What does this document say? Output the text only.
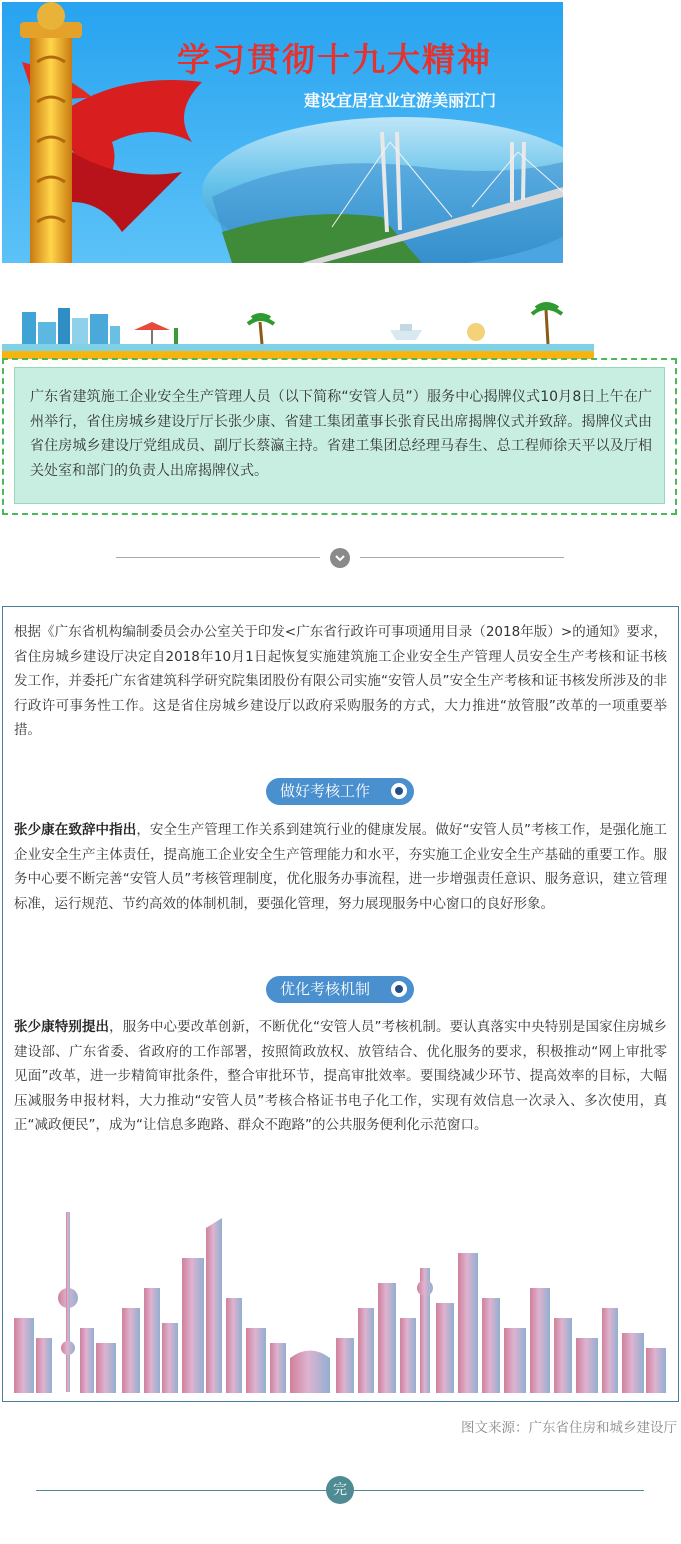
学习贯彻十九大精神
建设宜居宜业宜游美丽江门
广东省建筑施工企业安全生产管理人员（以下简称“安管人员”）服务中心揭牌仪式10月8日上午在广州举行，省住房城乡建设厅厅长张少康、省建工集团董事长张育民出席揭牌仪式并致辞。揭牌仪式由省住房城乡建设厅党组成员、副厅长蔡瀛主持。省建工集团总经理马春生、总工程师徐天平以及厅相关处室和部门的负责人出席揭牌仪式。
根据《广东省机构编制委员会办公室关于印发<广东省行政许可事项通用目录（2018年版）>的通知》要求，省住房城乡建设厅决定自2018年10月1日起恢复实施建筑施工企业安全生产管理人员安全生产考核和证书核发工作，并委托广东省建筑科学研究院集团股份有限公司实施“安管人员”安全生产考核和证书核发所涉及的非行政许可事务性工作。这是省住房城乡建设厅以政府采购服务的方式，大力推进“放管服”改革的一项重要举措。
做好考核工作
张少康在致辞中指出，安全生产管理工作关系到建筑行业的健康发展。做好“安管人员”考核工作，是强化施工企业安全生产主体责任，提高施工企业安全生产管理能力和水平，夯实施工企业安全生产基础的重要工作。服务中心要不断完善“安管人员”考核管理制度，优化服务办事流程，进一步增强责任意识、服务意识，建立管理标准，运行规范、节约高效的体制机制，要强化管理，努力展现服务中心窗口的良好形象。
优化考核机制
张少康特别提出，服务中心要改革创新，不断优化“安管人员”考核机制。要认真落实中央特别是国家住房城乡建设部、广东省委、省政府的工作部署，按照简政放权、放管结合、优化服务的要求，积极推动“网上审批零见面”改革，进一步精简审批条件，整合审批环节，提高审批效率。要围绕减少环节、提高效率的目标，大幅压减服务申报材料，大力推动“安管人员”考核合格证书电子化工作，实现有效信息一次录入、多次使用，真正“减政便民”，成为“让信息多跑路、群众不跑路”的公共服务便利化示范窗口。
图文来源：广东省住房和城乡建设厅
完
